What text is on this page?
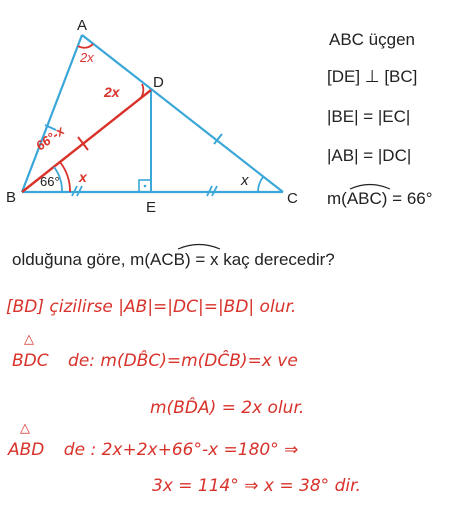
A
B	C
D
E
2x
2x
66°-x
66° x	x
ABC üçgen
[DE] ⊥ [BC]
|BE| = |EC|
|AB| = |DC|
m(ABC) = 66°
olduğuna göre, m(ACB) = x kaç derecedir?
[BD] çizilirse |AB|=|DC|=|BD| olur.
BDC de: m(DB̂C)=m(DĈB)=x ve
△
m(BD̂A) = 2x olur.
ABD de : 2x+2x+66°-x =180° ⇒
△
3x = 114° ⇒ x = 38° dir.
